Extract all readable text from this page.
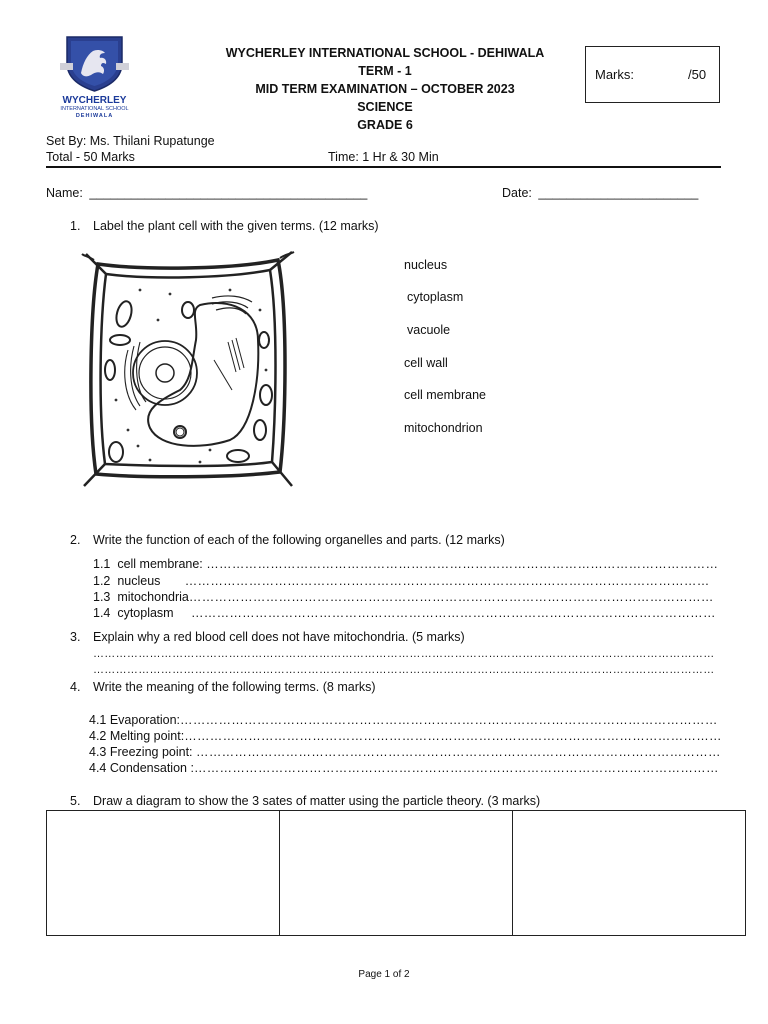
WYCHERLEY
INTERNATIONAL SCHOOL
DEHIWALA
WYCHERLEY INTERNATIONAL SCHOOL - DEHIWALA
TERM - 1
MID TERM EXAMINATION – OCTOBER 2023
SCIENCE
GRADE 6
Marks:	/50
Set By: Ms. Thilani Rupatunge
Total - 50 Marks	Time: 1 Hr & 30 Min
Name: ________________________________________	Date: _______________________
1. Label the plant cell with the given terms. (12 marks)
nucleus
cytoplasm
vacuole
cell wall
cell membrane
mitochondrion
2. Write the function of each of the following organelles and parts. (12 marks)
1.1  cell membrane: …………………………………………………………………………………………………………
1.2  nucleus       ……………………………………………………………………………………………………………
1.3  mitochondria……………………………………………………………………………………………………………
1.4  cytoplasm     ……………………………………………………………………………………………………………
3. Explain why a red blood cell does not have mitochondria. (5 marks)
…………………………………………………………………………………………………………………………………………………
…………………………………………………………………………………………………………………………………………………
4. Write the meaning of the following terms. (8 marks)
4.1 Evaporation:………………………………………………………………………………………………………………
4.2 Melting point:………………………………………………………………………………………………………………
4.3 Freezing point: ……………………………………………………………………………………………………………
4.4 Condensation :……………………………………………………………………………………………………………
5. Draw a diagram to show the 3 sates of matter using the particle theory. (3 marks)
Page 1 of 2
